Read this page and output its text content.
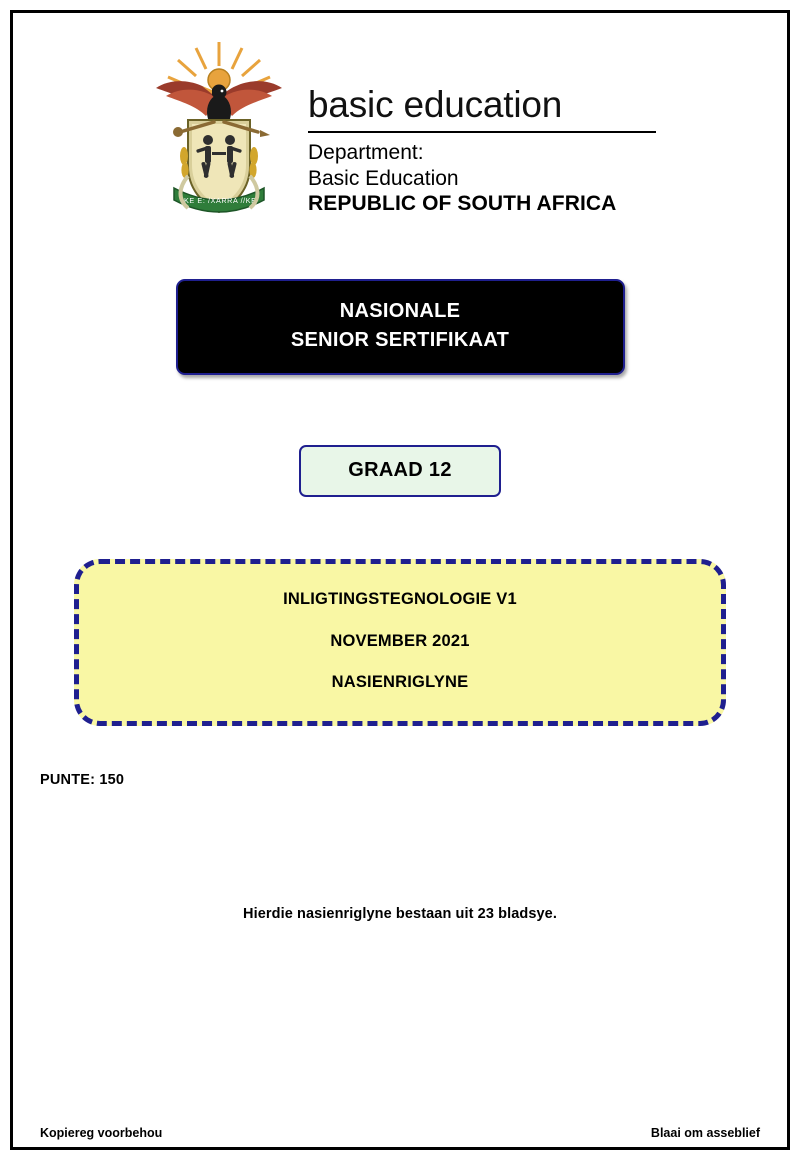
!KE E: /XARRA //KE
basic education
Department:
Basic Education
REPUBLIC OF SOUTH AFRICA
NASIONALE
SENIOR SERTIFIKAAT
GRAAD 12

INLIGTINGSTEGNOLOGIE V1

NOVEMBER 2021

NASIENRIGLYNE

PUNTE: 150
Hierdie nasienriglyne bestaan uit 23 bladsye.
Kopiereg voorbehou	Blaai om asseblief
